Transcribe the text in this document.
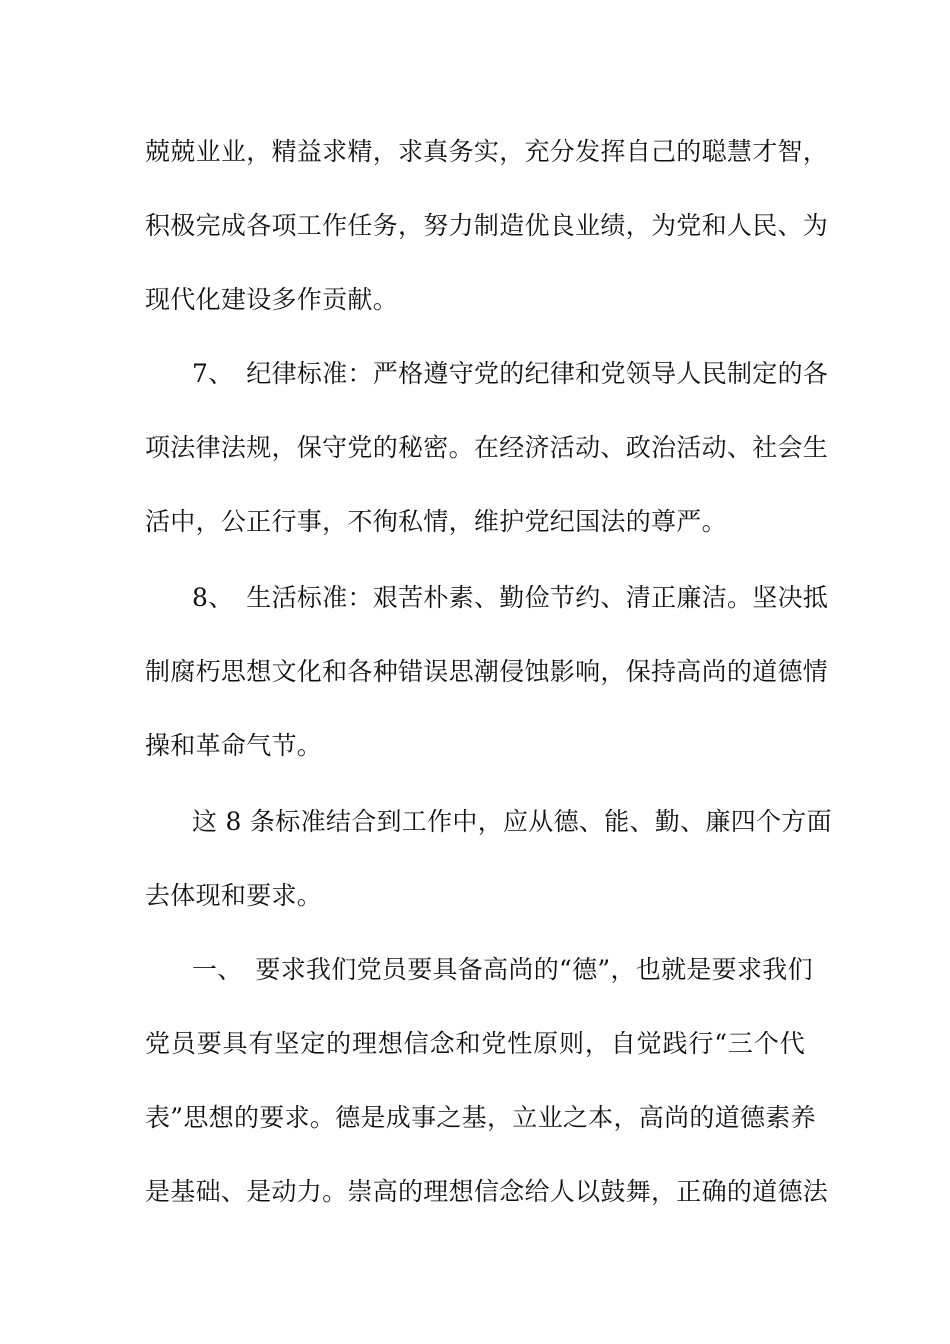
兢兢业业，精益求精，求真务实，充分发挥自己的聪慧才智，
积极完成各项工作任务，努力制造优良业绩，为党和人民、为
现代化建设多作贡献。
7、　纪律标准：严格遵守党的纪律和党领导人民制定的各
项法律法规，保守党的秘密。在经济活动、政治活动、社会生
活中，公正行事，不徇私情，维护党纪国法的尊严。
8、　生活标准：艰苦朴素、勤俭节约、清正廉洁。坚决抵
制腐朽思想文化和各种错误思潮侵蚀影响，保持高尚的道德情
操和革命气节。
这 8 条标准结合到工作中，应从德、能、勤、廉四个方面
去体现和要求。
一、　要求我们党员要具备高尚的“德”，也就是要求我们
党员要具有坚定的理想信念和党性原则，自觉践行“三个代
表”思想的要求。德是成事之基，立业之本，高尚的道德素养
是基础、是动力。崇高的理想信念给人以鼓舞，正确的道德法
